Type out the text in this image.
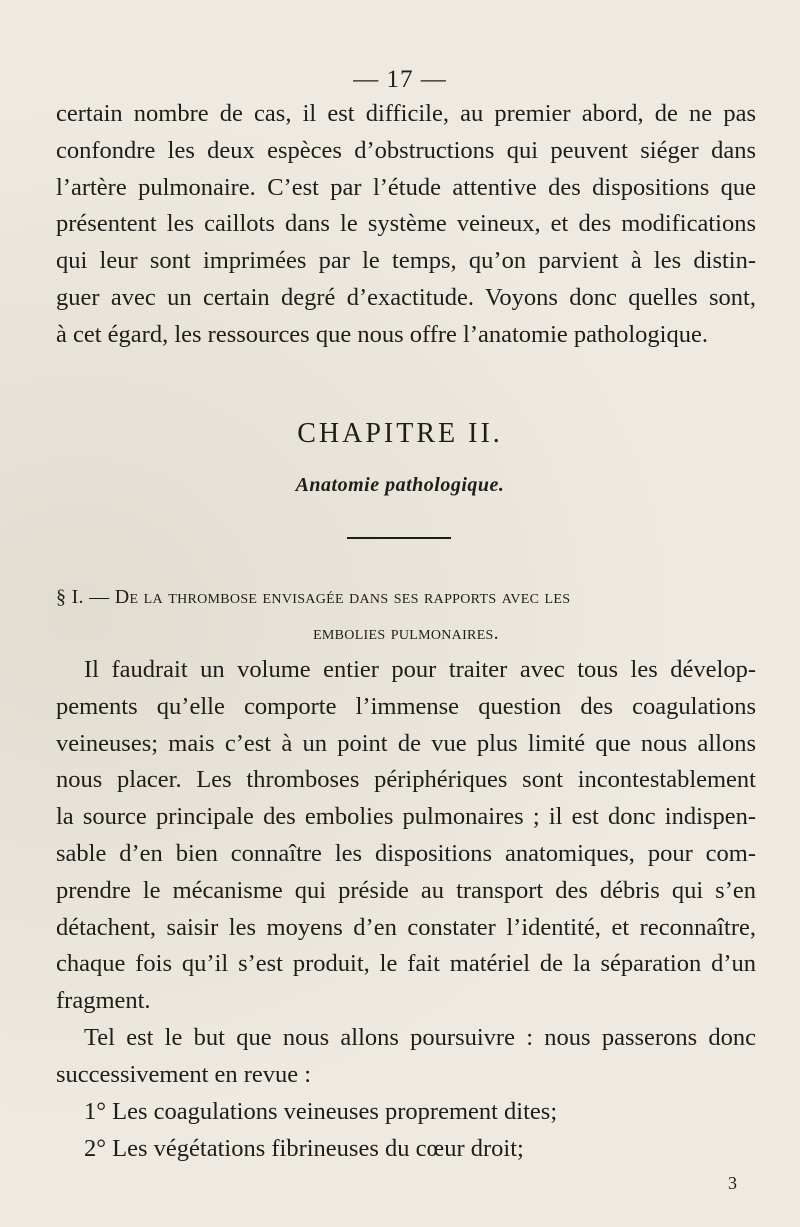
— 17 —
certain nombre de cas, il est difficile, au premier abord, de ne pas
confondre les deux espèces d’obstructions qui peuvent siéger dans
l’artère pulmonaire. C’est par l’étude attentive des dispositions que
présentent les caillots dans le système veineux, et des modifications
qui leur sont imprimées par le temps, qu’on parvient à les distin-
guer avec un certain degré d’exactitude. Voyons donc quelles sont,
à cet égard, les ressources que nous offre l’anatomie pathologique.
CHAPITRE II.
Anatomie pathologique.
§ I. — De la thrombose envisagée dans ses rapports avec les
embolies pulmonaires.
Il faudrait un volume entier pour traiter avec tous les dévelop-
pements qu’elle comporte l’immense question des coagulations
veineuses; mais c’est à un point de vue plus limité que nous allons
nous placer. Les thromboses périphériques sont incontestablement
la source principale des embolies pulmonaires ; il est donc indispen-
sable d’en bien connaître les dispositions anatomiques, pour com-
prendre le mécanisme qui préside au transport des débris qui s’en
détachent, saisir les moyens d’en constater l’identité, et reconnaître,
chaque fois qu’il s’est produit, le fait matériel de la séparation d’un
fragment.
Tel est le but que nous allons poursuivre : nous passerons donc
successivement en revue :
1° Les coagulations veineuses proprement dites;
2° Les végétations fibrineuses du cœur droit;
3
